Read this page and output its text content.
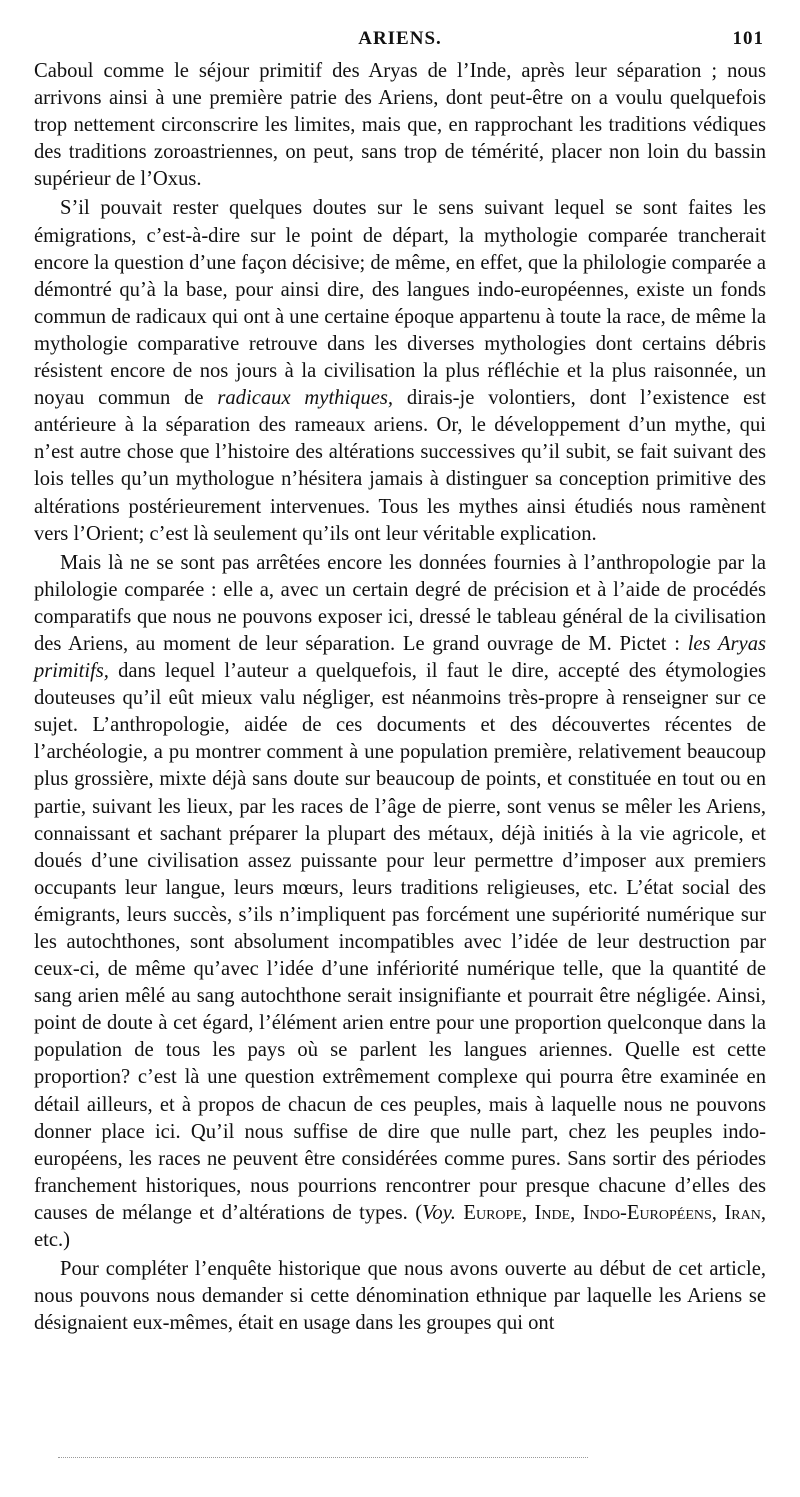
ARIENS.	101

Caboul comme le séjour primitif des Aryas de l’Inde, après leur séparation ; nous arrivons ainsi à une première patrie des Ariens, dont peut-être on a voulu quelquefois trop nettement circonscrire les limites, mais que, en rapprochant les traditions védiques des traditions zoroastriennes, on peut, sans trop de témérité, placer non loin du bassin supérieur de l’Oxus.

S’il pouvait rester quelques doutes sur le sens suivant lequel se sont faites les émigrations, c’est-à-dire sur le point de départ, la mythologie comparée trancherait encore la question d’une façon décisive; de même, en effet, que la philologie comparée a démontré qu’à la base, pour ainsi dire, des langues indo-européennes, existe un fonds commun de radicaux qui ont à une certaine époque appartenu à toute la race, de même la mythologie comparative retrouve dans les diverses mythologies dont certains débris résistent encore de nos jours à la civilisation la plus réfléchie et la plus raisonnée, un noyau commun de radicaux mythiques, dirais-je volontiers, dont l’existence est antérieure à la séparation des rameaux ariens. Or, le développement d’un mythe, qui n’est autre chose que l’histoire des altérations successives qu’il subit, se fait suivant des lois telles qu’un mythologue n’hésitera jamais à distinguer sa conception primitive des altérations postérieurement intervenues. Tous les mythes ainsi étudiés nous ramènent vers l’Orient; c’est là seulement qu’ils ont leur véritable explication.

Mais là ne se sont pas arrêtées encore les données fournies à l’anthropologie par la philologie comparée : elle a, avec un certain degré de précision et à l’aide de procédés comparatifs que nous ne pouvons exposer ici, dressé le tableau général de la civilisation des Ariens, au moment de leur séparation. Le grand ouvrage de M. Pictet : les Aryas primitifs, dans lequel l’auteur a quelquefois, il faut le dire, accepté des étymologies douteuses qu’il eût mieux valu négliger, est néanmoins très-propre à renseigner sur ce sujet. L’anthropologie, aidée de ces documents et des découvertes récentes de l’archéologie, a pu montrer comment à une population première, relativement beaucoup plus grossière, mixte déjà sans doute sur beaucoup de points, et constituée en tout ou en partie, suivant les lieux, par les races de l’âge de pierre, sont venus se mêler les Ariens, connaissant et sachant préparer la plupart des métaux, déjà initiés à la vie agricole, et doués d’une civilisation assez puissante pour leur permettre d’imposer aux premiers occupants leur langue, leurs mœurs, leurs traditions religieuses, etc. L’état social des émigrants, leurs succès, s’ils n’impliquent pas forcément une supériorité numérique sur les autochthones, sont absolument incompatibles avec l’idée de leur destruction par ceux-ci, de même qu’avec l’idée d’une infériorité numérique telle, que la quantité de sang arien mêlé au sang autochthone serait insignifiante et pourrait être négligée. Ainsi, point de doute à cet égard, l’élément arien entre pour une proportion quelconque dans la population de tous les pays où se parlent les langues ariennes. Quelle est cette proportion? c’est là une question extrêmement complexe qui pourra être examinée en détail ailleurs, et à propos de chacun de ces peuples, mais à laquelle nous ne pouvons donner place ici. Qu’il nous suffise de dire que nulle part, chez les peuples indo-européens, les races ne peuvent être considérées comme pures. Sans sortir des périodes franchement historiques, nous pourrions rencontrer pour presque chacune d’elles des causes de mélange et d’altérations de types. (Voy. Europe, Inde, Indo-Européens, Iran, etc.)

Pour compléter l’enquête historique que nous avons ouverte au début de cet article, nous pouvons nous demander si cette dénomination ethnique par laquelle les Ariens se désignaient eux-mêmes, était en usage dans les groupes qui ont
